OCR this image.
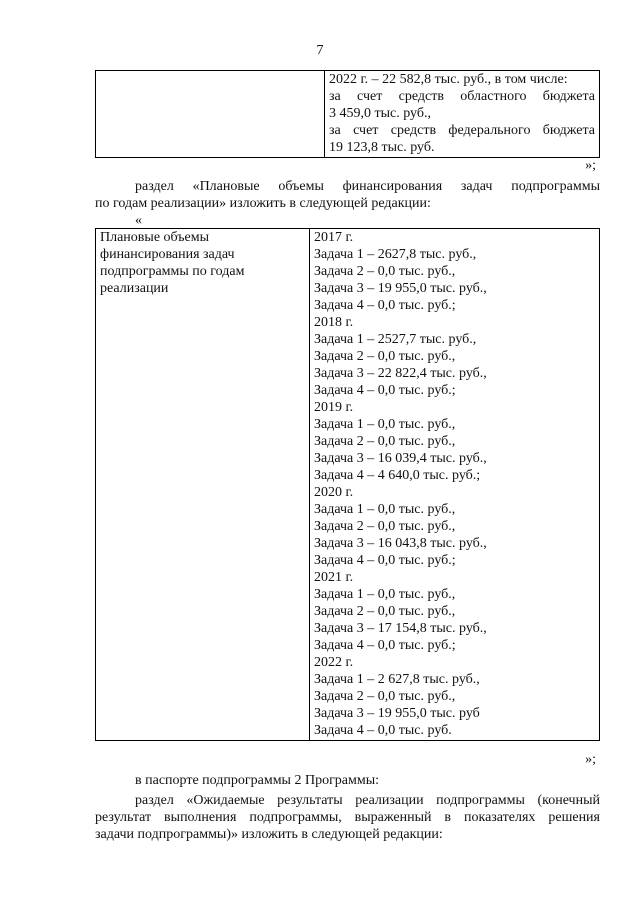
7

2022 г. – 22 582,8 тыс. руб., в том числе:
за счет средств областного бюджета
3 459,0 тыс. руб.,
за счет средств федерального бюджета
19 123,8 тыс. руб.
»;
раздел «Плановые объемы финансирования задач подпрограммы
по годам реализации» изложить в следующей редакции:
«
Плановые объемы финансирования задач подпрограммы по годам реализации	
2017 г.
Задача 1 – 2627,8 тыс. руб.,
Задача 2 – 0,0 тыс. руб.,
Задача 3 – 19 955,0 тыс. руб.,
Задача 4 – 0,0 тыс. руб.;
2018 г.
Задача 1 – 2527,7 тыс. руб.,
Задача 2 – 0,0 тыс. руб.,
Задача 3 – 22 822,4 тыс. руб.,
Задача 4 – 0,0 тыс. руб.;
2019 г.
Задача 1 – 0,0 тыс. руб.,
Задача 2 – 0,0 тыс. руб.,
Задача 3 – 16 039,4 тыс. руб.,
Задача 4 – 4 640,0 тыс. руб.;
2020 г.
Задача 1 – 0,0 тыс. руб.,
Задача 2 – 0,0 тыс. руб.,
Задача 3 – 16 043,8 тыс. руб.,
Задача 4 – 0,0 тыс. руб.;
2021 г.
Задача 1 – 0,0 тыс. руб.,
Задача 2 – 0,0 тыс. руб.,
Задача 3 – 17 154,8 тыс. руб.,
Задача 4 – 0,0 тыс. руб.;
2022 г.
Задача 1 – 2 627,8 тыс. руб.,
Задача 2 – 0,0 тыс. руб.,
Задача 3 – 19 955,0 тыс. руб
Задача 4 – 0,0 тыс. руб.
»;
в паспорте подпрограммы 2 Программы:
раздел «Ожидаемые результаты реализации подпрограммы (конечный
результат выполнения подпрограммы, выраженный в показателях решения
задачи подпрограммы)» изложить в следующей редакции:
